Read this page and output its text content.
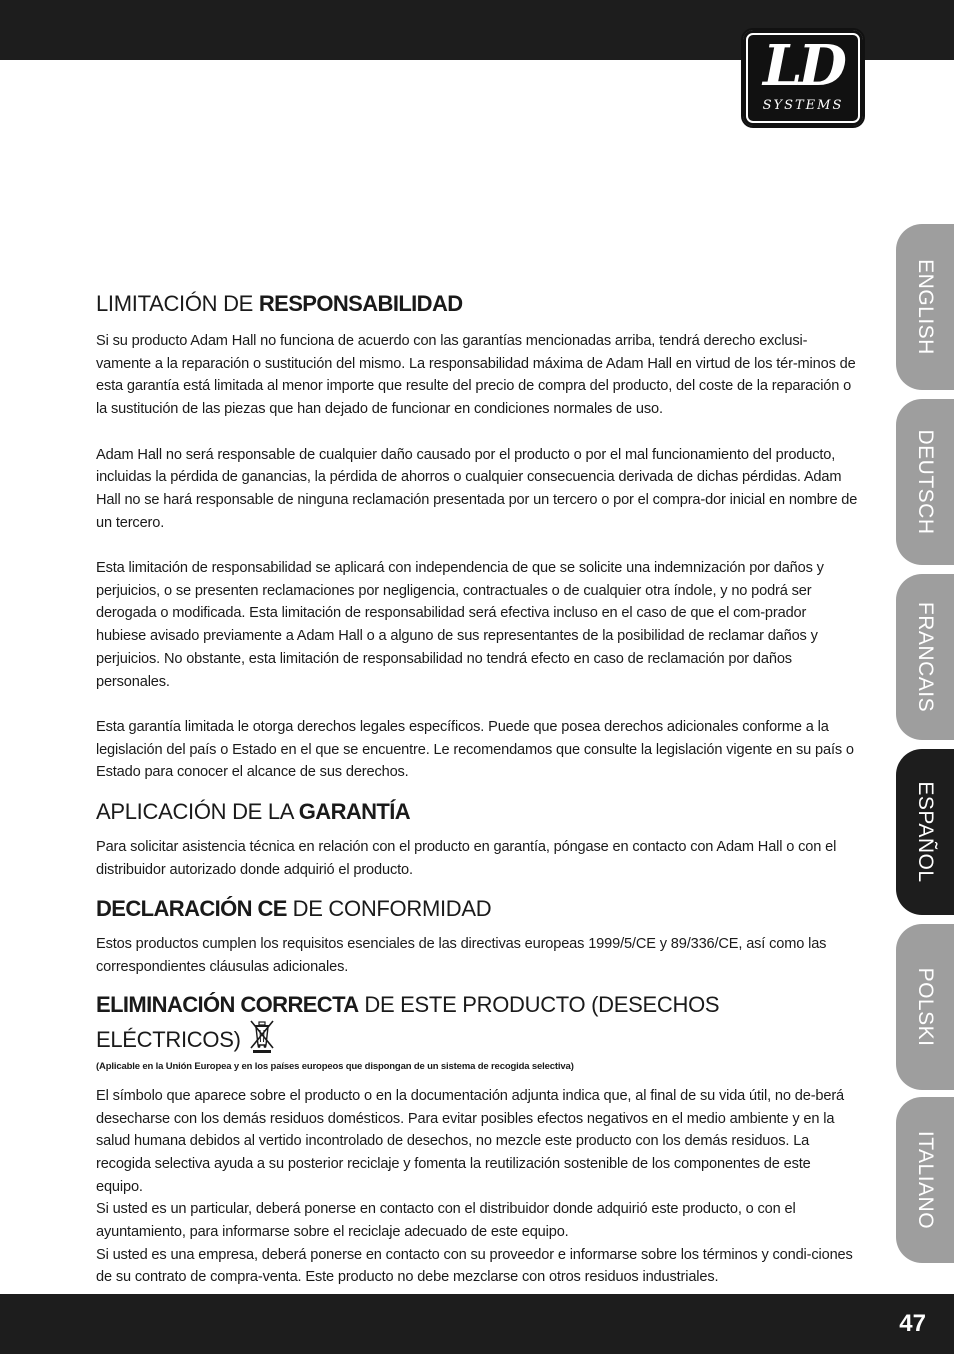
LD
SYSTEMS
ENGLISH
DEUTSCH
FRANCAIS
ESPAÑOL
POLSKI
ITALIANO
LIMITACIÓN DE RESPONSABILIDAD

Si su producto Adam Hall no funciona de acuerdo con las garantías mencionadas arriba, tendrá derecho exclusi-vamente a la reparación o sustitución del mismo. La responsabilidad máxima de Adam Hall en virtud de los tér-minos de esta garantía está limitada al menor importe que resulte del precio de compra del producto, del coste de la reparación o la sustitución de las piezas que han dejado de funcionar en condiciones normales de uso.

Adam Hall no será responsable de cualquier daño causado por el producto o por el mal funcionamiento del producto, incluidas la pérdida de ganancias, la pérdida de ahorros o cualquier consecuencia derivada de dichas pérdidas. Adam Hall no se hará responsable de ninguna reclamación presentada por un tercero o por el compra-dor inicial en nombre de un tercero.

Esta limitación de responsabilidad se aplicará con independencia de que se solicite una indemnización por daños y perjuicios, o se presenten reclamaciones por negligencia, contractuales o de cualquier otra índole, y no podrá ser derogada o modificada. Esta limitación de responsabilidad será efectiva incluso en el caso de que el com-prador hubiese avisado previamente a Adam Hall o a alguno de sus representantes de la posibilidad de reclamar daños y perjuicios. No obstante, esta limitación de responsabilidad no tendrá efecto en caso de reclamación por daños personales.

Esta garantía limitada le otorga derechos legales específicos. Puede que posea derechos adicionales conforme a la legislación del país o Estado en el que se encuentre. Le recomendamos que consulte la legislación vigente en su país o Estado para conocer el alcance de sus derechos.

APLICACIÓN DE LA GARANTÍA

Para solicitar asistencia técnica en relación con el producto en garantía, póngase en contacto con Adam Hall o con el distribuidor autorizado donde adquirió el producto.

DECLARACIÓN CE DE CONFORMIDAD

Estos productos cumplen los requisitos esenciales de las directivas europeas 1999/5/CE y 89/336/CE, así como las correspondientes cláusulas adicionales.

ELIMINACIÓN CORRECTA DE ESTE PRODUCTO (DESECHOS ELÉCTRICOS)

(Aplicable en la Unión Europea y en los países europeos que dispongan de un sistema de recogida selectiva)

El símbolo que aparece sobre el producto o en la documentación adjunta indica que, al final de su vida útil, no de-berá desecharse con los demás residuos domésticos. Para evitar posibles efectos negativos en el medio ambiente y en la salud humana debidos al vertido incontrolado de desechos, no mezcle este producto con los demás residuos. La recogida selectiva ayuda a su posterior reciclaje y fomenta la reutilización sostenible de los componentes de este equipo.

Si usted es un particular, deberá ponerse en contacto con el distribuidor donde adquirió este producto, o con el ayuntamiento, para informarse sobre el reciclaje adecuado de este equipo.

Si usted es una empresa, deberá ponerse en contacto con su proveedor e informarse sobre los términos y condi-ciones de su contrato de compra-venta. Este producto no debe mezclarse con otros residuos industriales.

47
